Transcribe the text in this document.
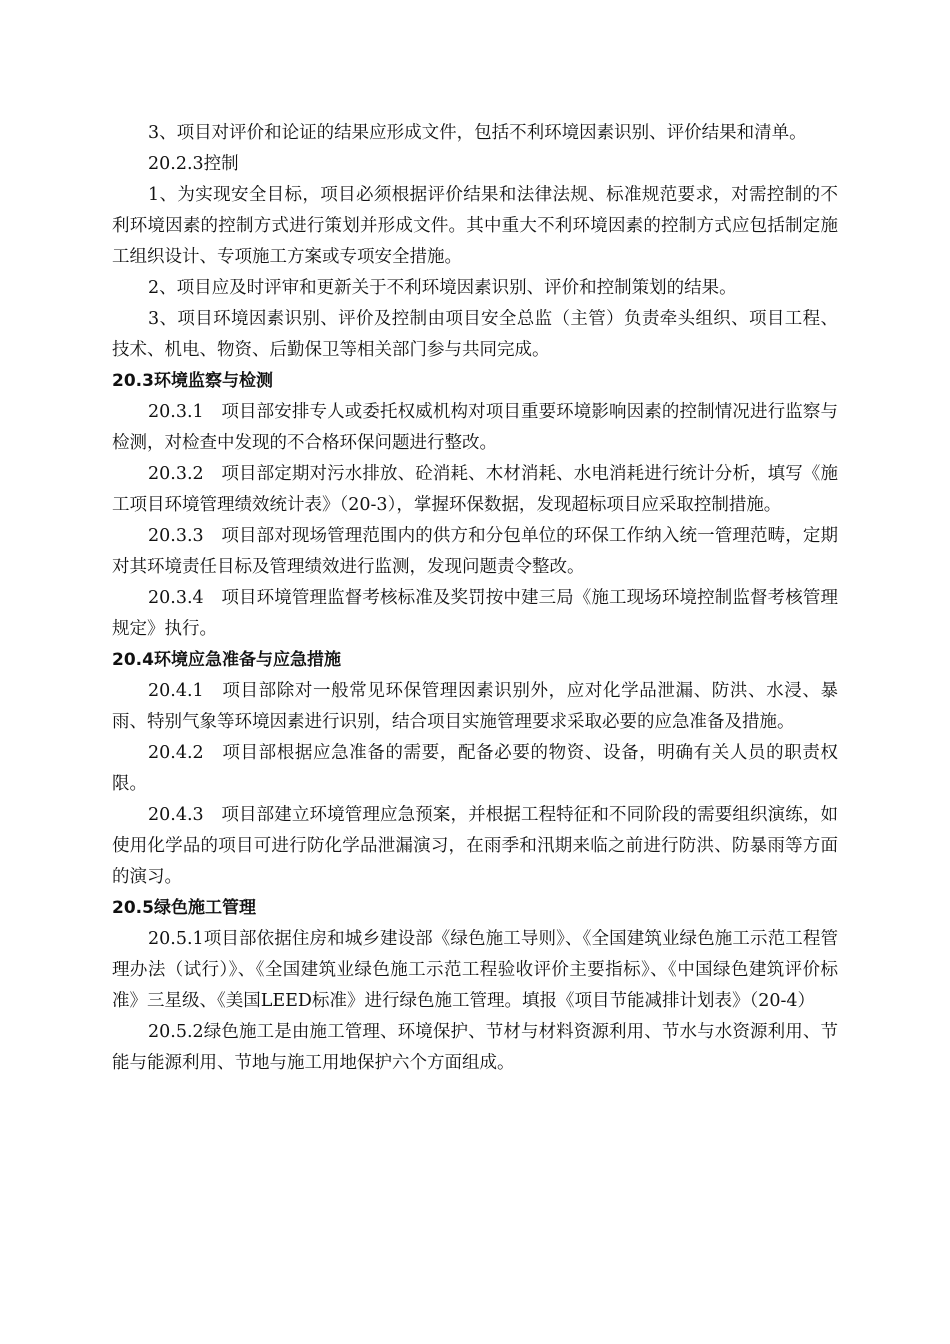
3、项目对评价和论证的结果应形成文件，包括不利环境因素识别、评价结果和清单。

20.2.3控制

1、为实现安全目标，项目必须根据评价结果和法律法规、标准规范要求，对需控制的不利环境因素的控制方式进行策划并形成文件。其中重大不利环境因素的控制方式应包括制定施工组织设计、专项施工方案或专项安全措施。

2、项目应及时评审和更新关于不利环境因素识别、评价和控制策划的结果。

3、项目环境因素识别、评价及控制由项目安全总监（主管）负责牵头组织、项目工程、技术、机电、物资、后勤保卫等相关部门参与共同完成。

20.3环境监察与检测

20.3.1　项目部安排专人或委托权威机构对项目重要环境影响因素的控制情况进行监察与检测，对检查中发现的不合格环保问题进行整改。

20.3.2　项目部定期对污水排放、砼消耗、木材消耗、水电消耗进行统计分析，填写《施工项目环境管理绩效统计表》（20-3），掌握环保数据，发现超标项目应采取控制措施。

20.3.3　项目部对现场管理范围内的供方和分包单位的环保工作纳入统一管理范畴，定期对其环境责任目标及管理绩效进行监测，发现问题责令整改。

20.3.4　项目环境管理监督考核标准及奖罚按中建三局《施工现场环境控制监督考核管理规定》执行。

20.4环境应急准备与应急措施

20.4.1　项目部除对一般常见环保管理因素识别外，应对化学品泄漏、防洪、水浸、暴雨、特别气象等环境因素进行识别，结合项目实施管理要求采取必要的应急准备及措施。

20.4.2　项目部根据应急准备的需要，配备必要的物资、设备，明确有关人员的职责权限。

20.4.3　项目部建立环境管理应急预案，并根据工程特征和不同阶段的需要组织演练，如使用化学品的项目可进行防化学品泄漏演习，在雨季和汛期来临之前进行防洪、防暴雨等方面的演习。

20.5绿色施工管理

20.5.1项目部依据住房和城乡建设部《绿色施工导则》、《全国建筑业绿色施工示范工程管理办法（试行）》、《全国建筑业绿色施工示范工程验收评价主要指标》、《中国绿色建筑评价标准》三星级、《美国LEED标准》进行绿色施工管理。填报《项目节能减排计划表》（20-4）

20.5.2绿色施工是由施工管理、环境保护、节材与材料资源利用、节水与水资源利用、节能与能源利用、节地与施工用地保护六个方面组成。
